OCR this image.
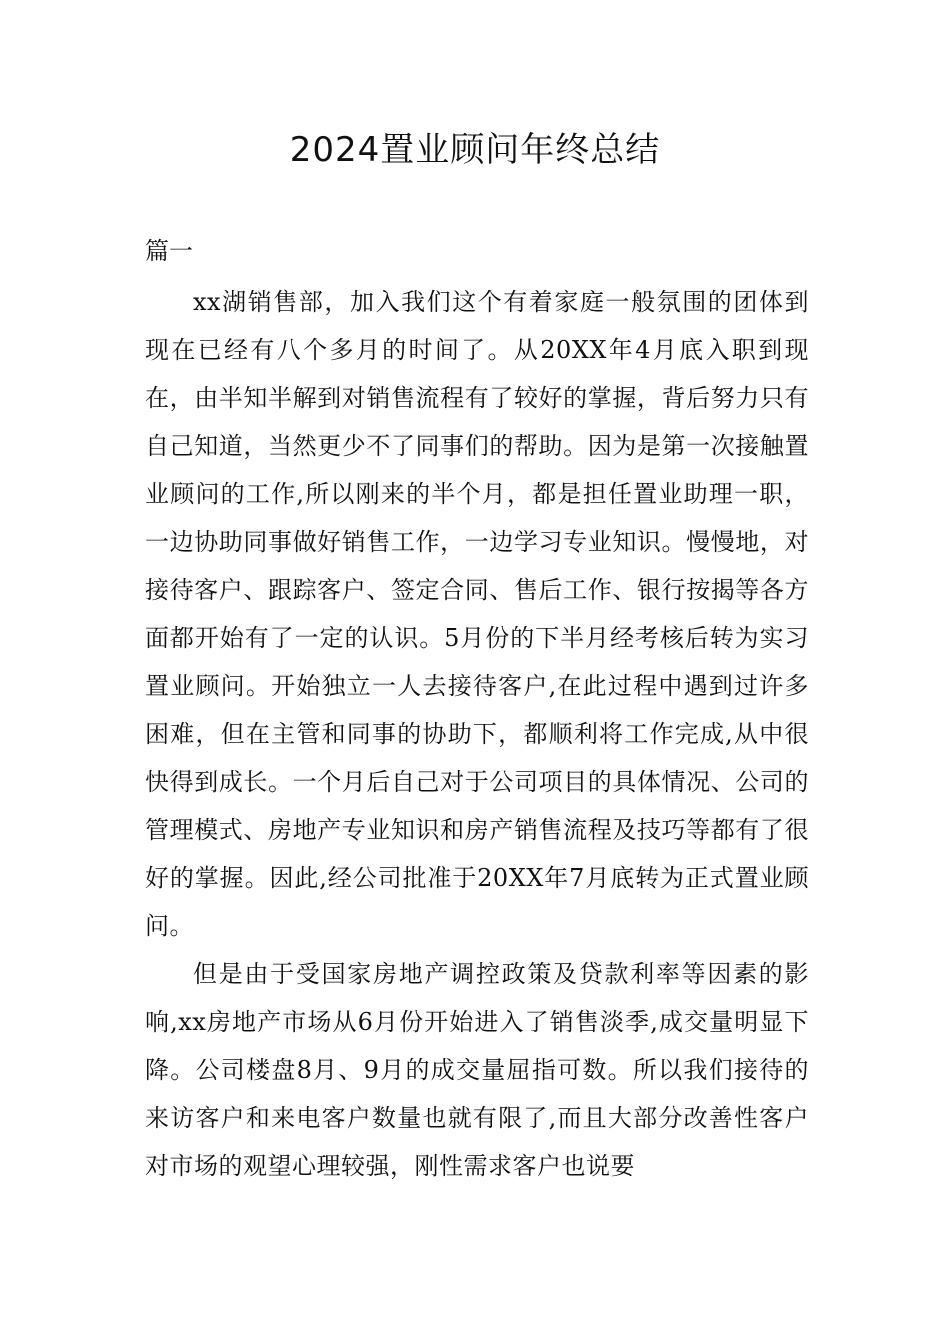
2024置业顾问年终总结

篇一

xx湖销售部，加入我们这个有着家庭一般氛围的团体到现在已经有八个多月的时间了。从20XX年4月底入职到现在，由半知半解到对销售流程有了较好的掌握，背后努力只有自己知道，当然更少不了同事们的帮助。因为是第一次接触置业顾问的工作,所以刚来的半个月，都是担任置业助理一职，一边协助同事做好销售工作，一边学习专业知识。慢慢地，对接待客户、跟踪客户、签定合同、售后工作、银行按揭等各方面都开始有了一定的认识。5月份的下半月经考核后转为实习置业顾问。开始独立一人去接待客户,在此过程中遇到过许多困难，但在主管和同事的协助下，都顺利将工作完成,从中很快得到成长。一个月后自己对于公司项目的具体情况、公司的管理模式、房地产专业知识和房产销售流程及技巧等都有了很好的掌握。因此,经公司批准于20XX年7月底转为正式置业顾问。

但是由于受国家房地产调控政策及贷款利率等因素的影响,xx房地产市场从6月份开始进入了销售淡季,成交量明显下降。公司楼盘8月、9月的成交量屈指可数。所以我们接待的来访客户和来电客户数量也就有限了,而且大部分改善性客户对市场的观望心理较强，刚性需求客户也说要
